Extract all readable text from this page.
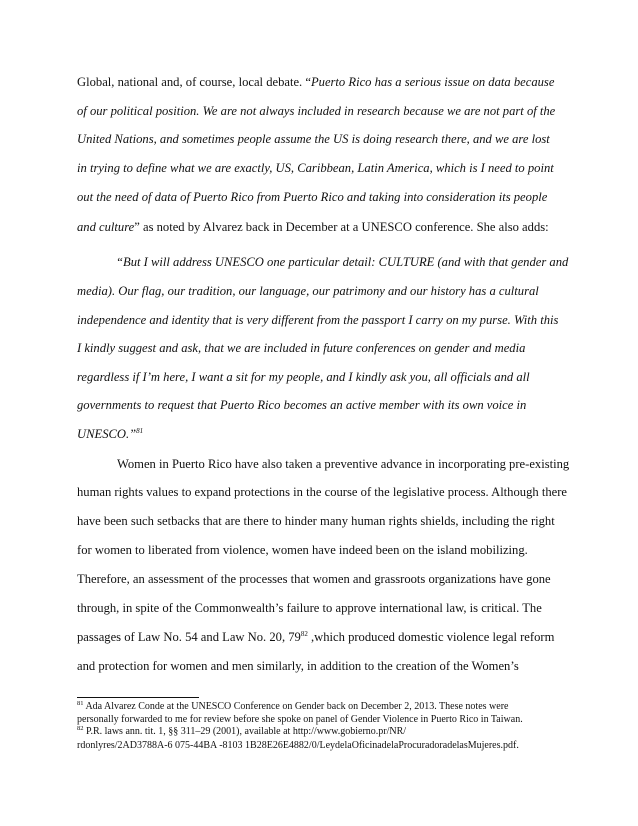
Global, national and, of course, local debate. “Puerto Rico has a serious issue on data because
of our political position. We are not always included in research because we are not part of the
United Nations, and sometimes people assume the US is doing research there, and we are lost
in trying to define what we are exactly, US, Caribbean, Latin America, which is I need to point
out the need of data of Puerto Rico from Puerto Rico and taking into consideration its people
and culture” as noted by Alvarez back in December at a UNESCO conference. She also adds:
“But I will address UNESCO one particular detail: CULTURE (and with that gender and
media). Our flag, our tradition, our language, our patrimony and our history has a cultural
independence and identity that is very different from the passport I carry on my purse. With this
I kindly suggest and ask, that we are included in future conferences on gender and media
regardless if I’m here, I want a sit for my people, and I kindly ask you, all officials and all
governments to request that Puerto Rico becomes an active member with its own voice in
UNESCO.”$^{81}$
Women in Puerto Rico have also taken a preventive advance in incorporating pre-existing
human rights values to expand protections in the course of the legislative process. Although there
have been such setbacks that are there to hinder many human rights shields, including the right
for women to liberated from violence, women have indeed been on the island mobilizing.
Therefore, an assessment of the processes that women and grassroots organizations have gone
through, in spite of the Commonwealth’s failure to approve international law, is critical. The
passages of Law No. 54 and Law No. 20, $79^{82}$ ,which produced domestic violence legal reform
and protection for women and men similarly, in addition to the creation of the Women’s
$^{81}$ Ada Alvarez Conde at the UNESCO Conference on Gender back on December 2, 2013. These notes were
personally forwarded to me for review before she spoke on panel of Gender Violence in Puerto Rico in Taiwan.
$^{82}$ P.R. laws ann. tit. 1, §§ 311–29 (2001), available at http://www.gobierno.pr/NR/
rdonlyres/2AD3788A-6 075-44BA -8103 1B28E26E4882/0/LeydelaOficinadelaProcuradoradelasMujeres.pdf.
